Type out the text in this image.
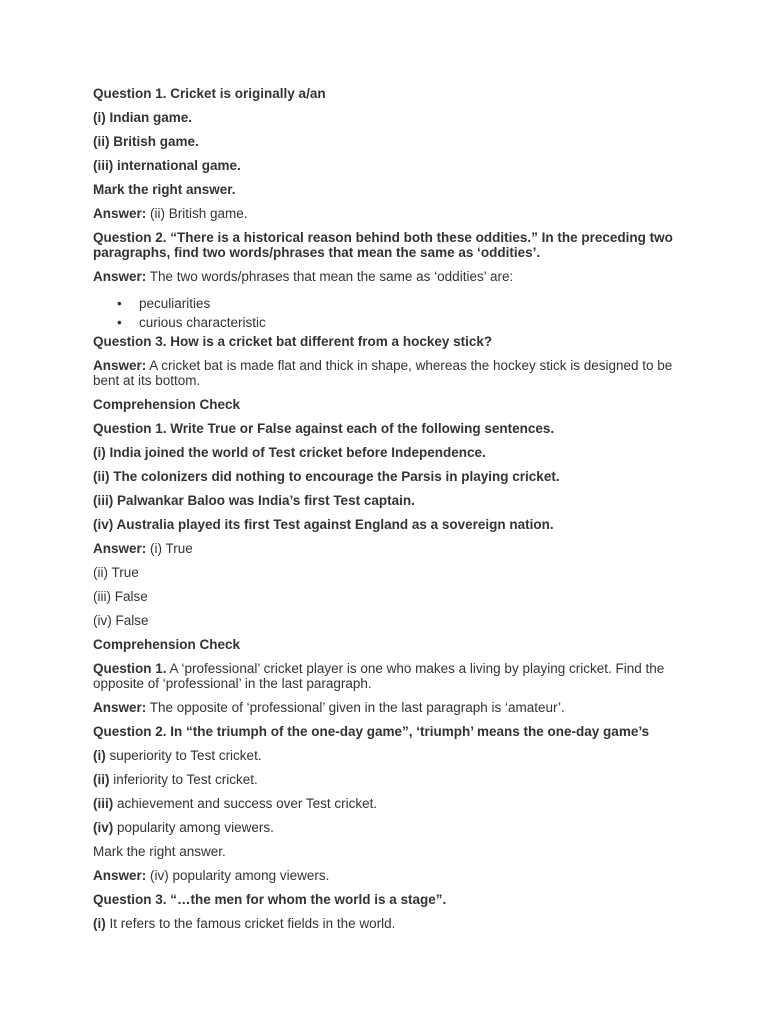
Question 1. Cricket is originally a/an
(i) Indian game.
(ii) British game.
(iii) international game.
Mark the right answer.
Answer: (ii) British game.
Question 2. “There is a historical reason behind both these oddities.” In the preceding two paragraphs, find two words/phrases that mean the same as ‘oddities’.
Answer: The two words/phrases that mean the same as ‘oddities’ are:
• peculiarities
• curious characteristic
Question 3. How is a cricket bat different from a hockey stick?
Answer: A cricket bat is made flat and thick in shape, whereas the hockey stick is designed to be bent at its bottom.
Comprehension Check
Question 1. Write True or False against each of the following sentences.
(i) India joined the world of Test cricket before Independence.
(ii) The colonizers did nothing to encourage the Parsis in playing cricket.
(iii) Palwankar Baloo was India’s first Test captain.
(iv) Australia played its first Test against England as a sovereign nation.
Answer: (i) True
(ii) True
(iii) False
(iv) False
Comprehension Check
Question 1. A ‘professional’ cricket player is one who makes a living by playing cricket. Find the opposite of ‘professional’ in the last paragraph.
Answer: The opposite of ‘professional’ given in the last paragraph is ‘amateur’.
Question 2. In “the triumph of the one-day game”, ‘triumph’ means the one-day game’s
(i) superiority to Test cricket.
(ii) inferiority to Test cricket.
(iii) achievement and success over Test cricket.
(iv) popularity among viewers.
Mark the right answer.
Answer: (iv) popularity among viewers.
Question 3. “…the men for whom the world is a stage”.
(i) It refers to the famous cricket fields in the world.
